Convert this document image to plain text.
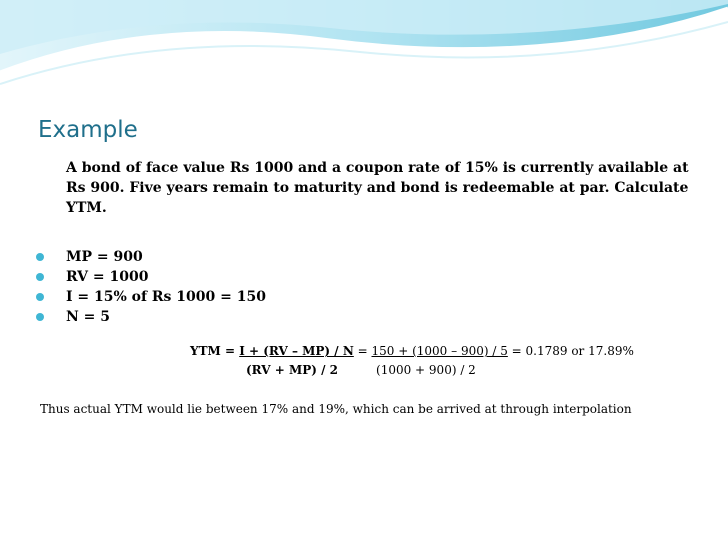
Example
A bond of face value Rs 1000 and a coupon rate of 15% is currently available at Rs 900. Five years remain to maturity and bond is redeemable at par. Calculate YTM.
MP = 900
RV = 1000
I = 15% of Rs 1000 = 150
N = 5
YTM = I + (RV – MP) / N = 150 + (1000 – 900) / 5 = 0.1789 or 17.89%
(RV + MP) / 2	(1000 + 900) / 2
Thus actual YTM would lie between 17% and 19%, which can be arrived at through interpolation
